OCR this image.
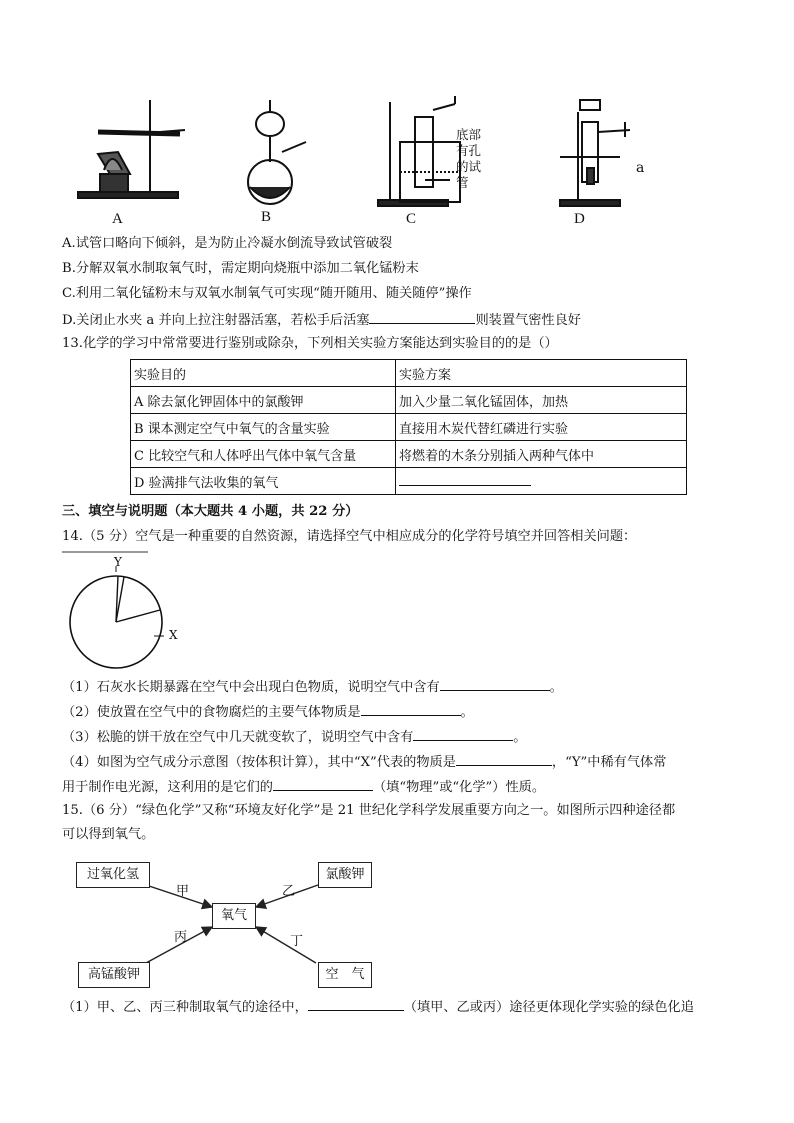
A	B	C	D
底部
有孔
的试
管
a
A.试管口略向下倾斜，是为防止冷凝水倒流导致试管破裂
B.分解双氧水制取氧气时，需定期向烧瓶中添加二氧化锰粉末
C.利用二氧化锰粉末与双氧水制氧气可实现“随开随用、随关随停”操作
D.关闭止水夹 a 并向上拉注射器活塞，若松手后活塞	则装置气密性良好
13.化学的学习中常常要进行鉴别或除杂，下列相关实验方案能达到实验目的的是（）
实验目的	实验方案
A 除去氯化钾固体中的氯酸钾	加入少量二氧化锰固体，加热
B 课本测定空气中氧气的含量实验	直接用木炭代替红磷进行实验
C 比较空气和人体呼出气体中氧气含量	将燃着的木条分别插入两种气体中
D 验满排气法收集的氧气	
三、填空与说明题（本大题共 4 小题，共 22 分）
14.（5 分）空气是一种重要的自然资源，请选择空气中相应成分的化学符号填空并回答相关问题：
Y
X
（1）石灰水长期暴露在空气中会出现白色物质，说明空气中含有	。
（2）使放置在空气中的食物腐烂的主要气体物质是	。
（3）松脆的饼干放在空气中几天就变软了，说明空气中含有	。
（4）如图为空气成分示意图（按体积计算），其中“X”代表的物质是	，“Y”中稀有气体常
用于制作电光源，这利用的是它们的	（填“物理”或“化学”）性质。
15.（6 分）“绿色化学”又称“环境友好化学”是 21 世纪化学科学发展重要方向之一。如图所示四种途径都
可以得到氧气。
过氧化氢	氯酸钾
氧气
高锰酸钾	空　气
甲	乙
丙	丁
（1）甲、乙、丙三种制取氧气的途径中，	（填甲、乙或丙）途径更体现化学实验的绿色化追
